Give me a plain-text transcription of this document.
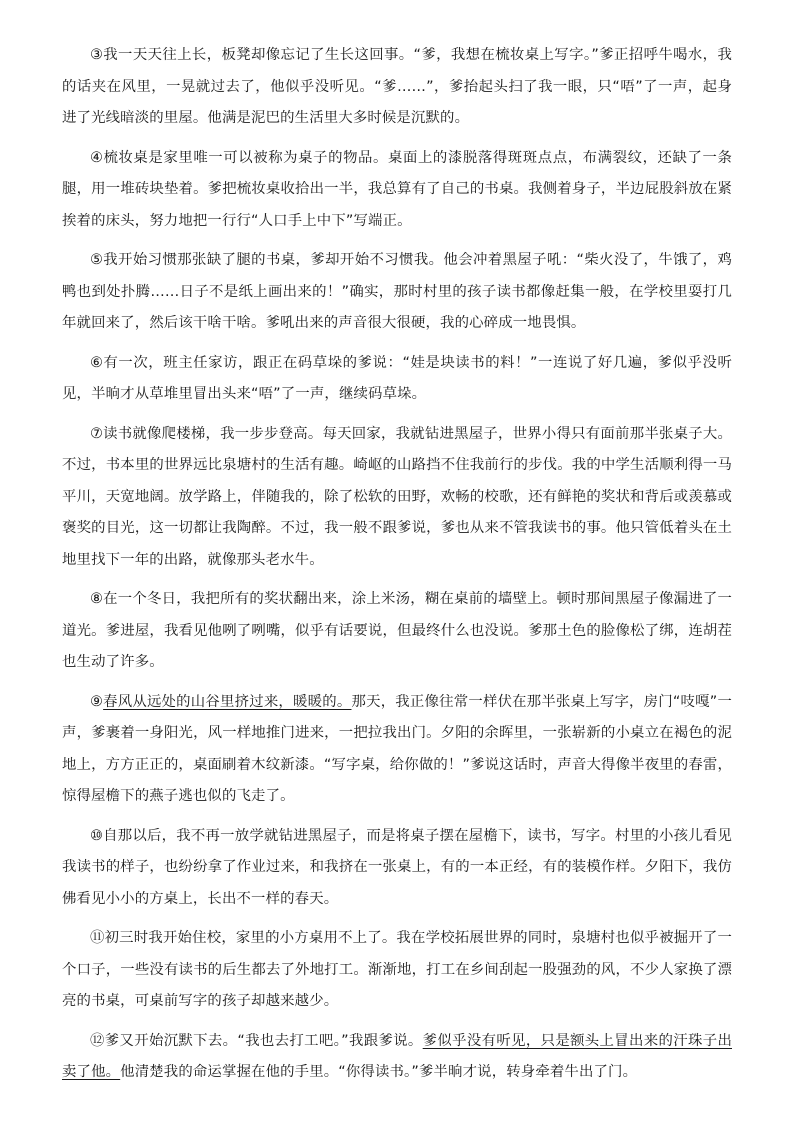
③我一天天往上长，板凳却像忘记了生长这回事。“爹，我想在梳妆桌上写字。”爹正招呼牛喝水，我的话夹在风里，一晃就过去了，他似乎没听见。“爹……”，爹抬起头扫了我一眼，只“唔”了一声，起身进了光线暗淡的里屋。他满是泥巴的生活里大多时候是沉默的。

④梳妆桌是家里唯一可以被称为桌子的物品。桌面上的漆脱落得斑斑点点，布满裂纹，还缺了一条腿，用一堆砖块垫着。爹把梳妆桌收拾出一半，我总算有了自己的书桌。我侧着身子，半边屁股斜放在紧挨着的床头，努力地把一行行“人口手上中下”写端正。

⑤我开始习惯那张缺了腿的书桌，爹却开始不习惯我。他会冲着黑屋子吼：“柴火没了，牛饿了，鸡鸭也到处扑腾……日子不是纸上画出来的！”确实，那时村里的孩子读书都像赶集一般，在学校里耍打几年就回来了，然后该干啥干啥。爹吼出来的声音很大很硬，我的心碎成一地畏惧。

⑥有一次，班主任家访，跟正在码草垛的爹说：“娃是块读书的料！”一连说了好几遍，爹似乎没听见，半晌才从草堆里冒出头来“唔”了一声，继续码草垛。

⑦读书就像爬楼梯，我一步步登高。每天回家，我就钻进黑屋子，世界小得只有面前那半张桌子大。不过，书本里的世界远比泉塘村的生活有趣。崎岖的山路挡不住我前行的步伐。我的中学生活顺利得一马平川，天宽地阔。放学路上，伴随我的，除了松软的田野，欢畅的校歌，还有鲜艳的奖状和背后或羡慕或褒奖的目光，这一切都让我陶醉。不过，我一般不跟爹说，爹也从来不管我读书的事。他只管低着头在土地里找下一年的出路，就像那头老水牛。

⑧在一个冬日，我把所有的奖状翻出来，涂上米汤，糊在桌前的墙壁上。顿时那间黑屋子像漏进了一道光。爹进屋，我看见他咧了咧嘴，似乎有话要说，但最终什么也没说。爹那土色的脸像松了绑，连胡茬也生动了许多。

⑨春风从远处的山谷里挤过来，暖暖的。那天，我正像往常一样伏在那半张桌上写字，房门“吱嘎”一声，爹裹着一身阳光，风一样地推门进来，一把拉我出门。夕阳的余晖里，一张崭新的小桌立在褐色的泥地上，方方正正的，桌面刷着木纹新漆。“写字桌，给你做的！”爹说这话时，声音大得像半夜里的春雷，惊得屋檐下的燕子逃也似的飞走了。

⑩自那以后，我不再一放学就钻进黑屋子，而是将桌子摆在屋檐下，读书，写字。村里的小孩儿看见我读书的样子，也纷纷拿了作业过来，和我挤在一张桌上，有的一本正经，有的装模作样。夕阳下，我仿佛看见小小的方桌上，长出不一样的春天。

⑪初三时我开始住校，家里的小方桌用不上了。我在学校拓展世界的同时，泉塘村也似乎被掘开了一个口子，一些没有读书的后生都去了外地打工。渐渐地，打工在乡间刮起一股强劲的风，不少人家换了漂亮的书桌，可桌前写字的孩子却越来越少。

⑫爹又开始沉默下去。“我也去打工吧。”我跟爹说。爹似乎没有听见，只是额头上冒出来的汗珠子出卖了他。他清楚我的命运掌握在他的手里。“你得读书。”爹半晌才说，转身牵着牛出了门。
